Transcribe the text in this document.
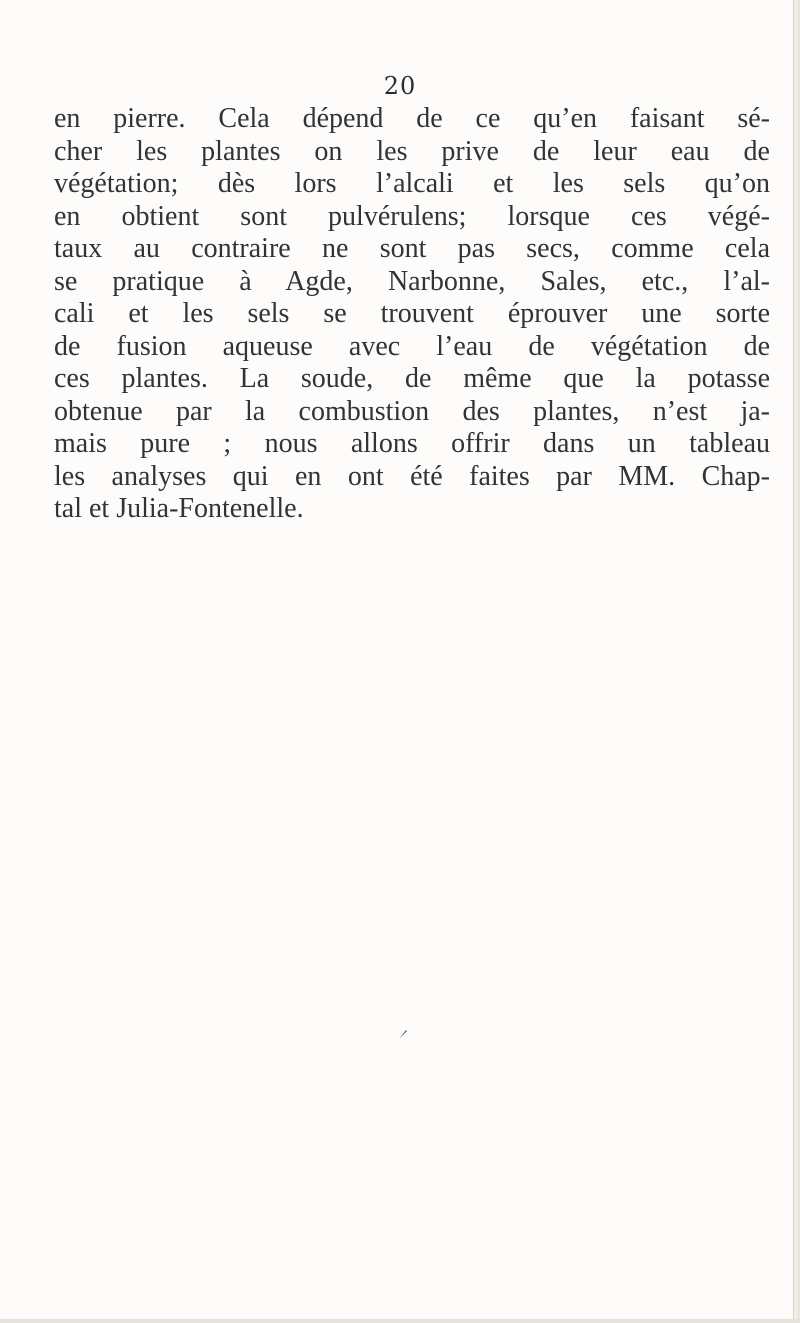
20
en pierre. Cela dépend de ce qu’en faisant sé-
cher les plantes on les prive de leur eau de
végétation; dès lors l’alcali et les sels qu’on
en obtient sont pulvérulens; lorsque ces végé-
taux au contraire ne sont pas secs, comme cela
se pratique à Agde, Narbonne, Sales, etc., l’al-
cali et les sels se trouvent éprouver une sorte
de fusion aqueuse avec l’eau de végétation de
ces plantes. La soude, de même que la potasse
obtenue par la combustion des plantes, n’est ja-
mais pure ; nous allons offrir dans un tableau
les analyses qui en ont été faites par MM. Chap-
tal et Julia-Fontenelle.
